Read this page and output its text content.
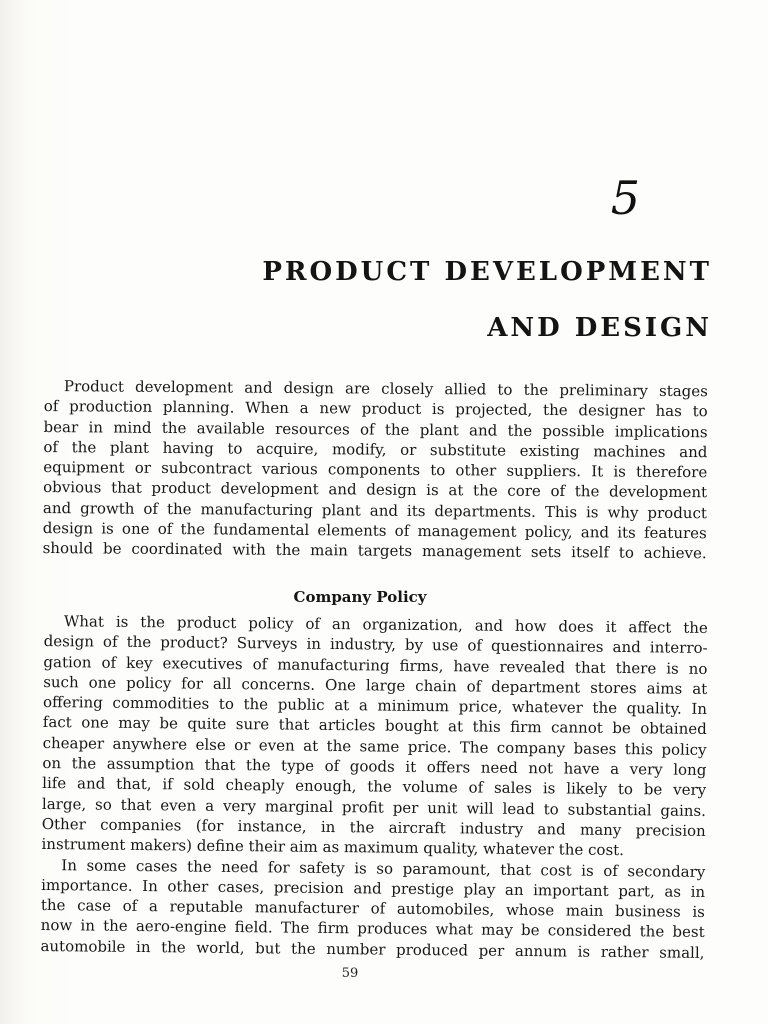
5
PRODUCT DEVELOPMENT
AND DESIGN
Product development and design are closely allied to the preliminary stages
of production planning. When a new product is projected, the designer has to
bear in mind the available resources of the plant and the possible implications
of the plant having to acquire, modify, or substitute existing machines and
equipment or subcontract various components to other suppliers. It is therefore
obvious that product development and design is at the core of the development
and growth of the manufacturing plant and its departments. This is why product
design is one of the fundamental elements of management policy, and its features
should be coordinated with the main targets management sets itself to achieve.
Company Policy
What is the product policy of an organization, and how does it affect the
design of the product? Surveys in industry, by use of questionnaires and interro-
gation of key executives of manufacturing firms, have revealed that there is no
such one policy for all concerns. One large chain of department stores aims at
offering commodities to the public at a minimum price, whatever the quality. In
fact one may be quite sure that articles bought at this firm cannot be obtained
cheaper anywhere else or even at the same price. The company bases this policy
on the assumption that the type of goods it offers need not have a very long
life and that, if sold cheaply enough, the volume of sales is likely to be very
large, so that even a very marginal profit per unit will lead to substantial gains.
Other companies (for instance, in the aircraft industry and many precision
instrument makers) define their aim as maximum quality, whatever the cost.
In some cases the need for safety is so paramount, that cost is of secondary
importance. In other cases, precision and prestige play an important part, as in
the case of a reputable manufacturer of automobiles, whose main business is
now in the aero-engine field. The firm produces what may be considered the best
automobile in the world, but the number produced per annum is rather small,
59
